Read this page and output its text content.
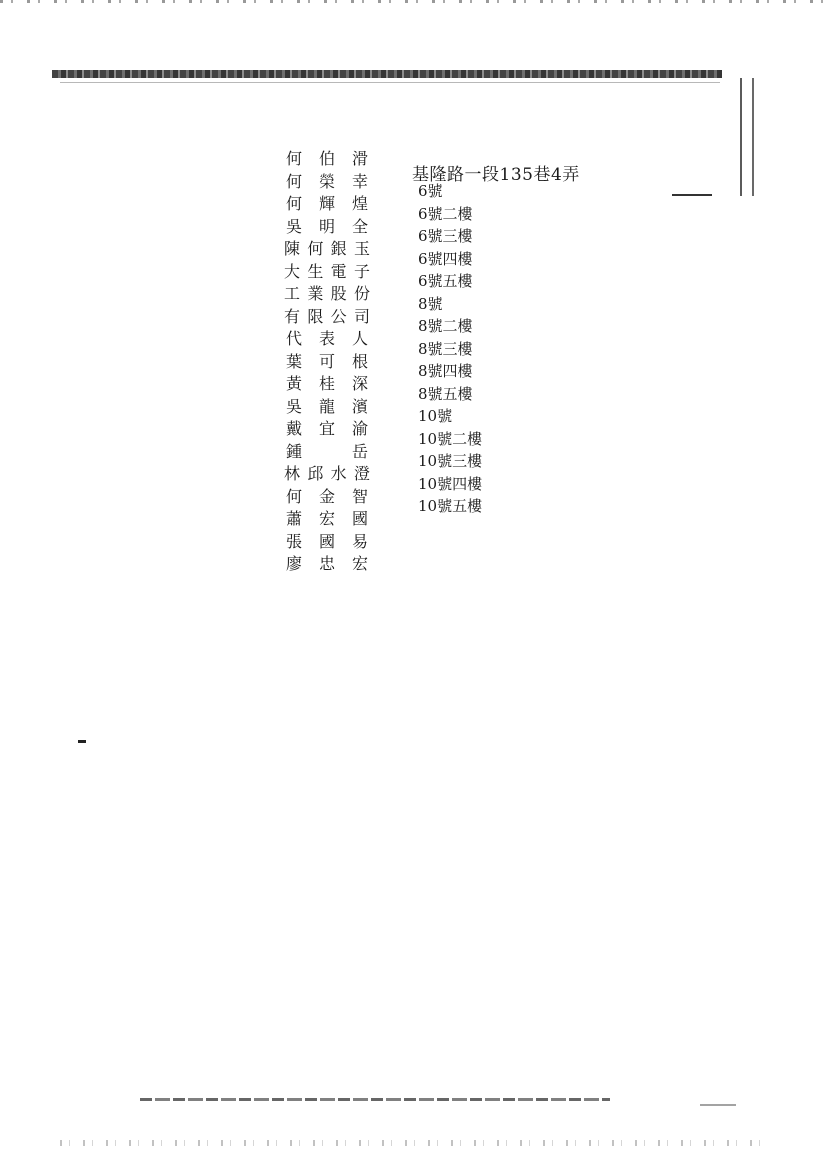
何 伯 滑
何 榮 幸
何 輝 煌
吳 明 全
陳 何 銀 玉
大 生 電 子
工 業 股 份
有 限 公 司
代 表 人
葉 可 根
黃 桂 深
吳 龍 濱
戴 宜 渝
鍾	岳
林 邱 水 澄
何 金 智
蕭 宏 國
張 國 易
廖 忠 宏
基隆路一段135巷4弄
6號
6號二樓
6號三樓
6號四樓
6號五樓
8號
8號二樓
8號三樓
8號四樓
8號五樓
10號
10號二樓
10號三樓
10號四樓
10號五樓
